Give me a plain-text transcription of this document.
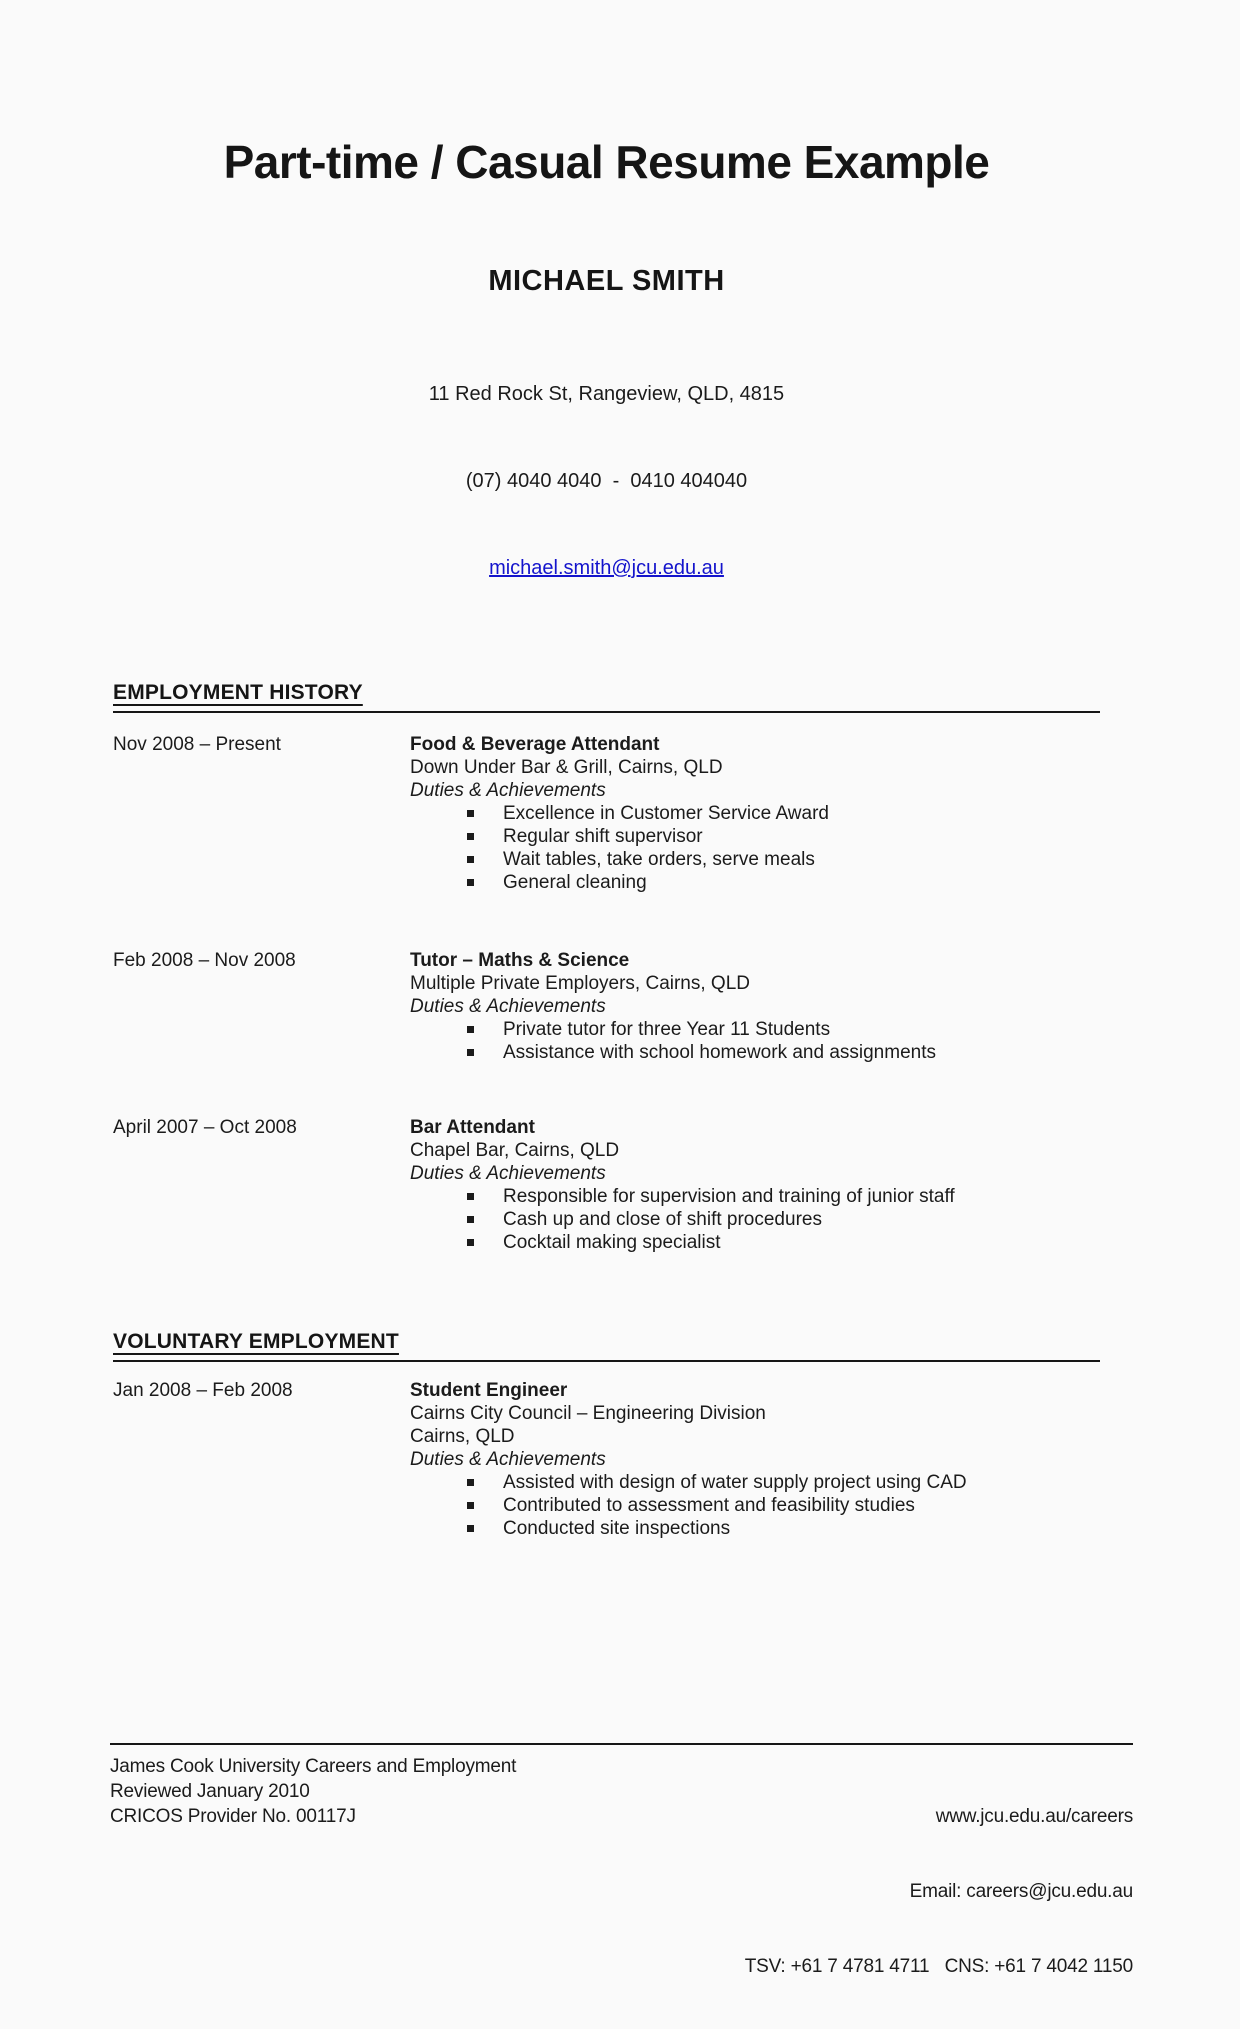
Part-time / Casual Resume Example
MICHAEL SMITH

11 Red Rock St, Rangeview, QLD, 4815

(07) 4040 4040  -  0410 404040

michael.smith@jcu.edu.au

EMPLOYMENT HISTORY
Nov 2008 – Present	Food & Beverage Attendant
Down Under Bar & Grill, Cairns, QLD
Duties & Achievements
Excellence in Customer Service Award
Regular shift supervisor
Wait tables, take orders, serve meals
General cleaning
Feb 2008 – Nov 2008	Tutor – Maths & Science
Multiple Private Employers, Cairns, QLD
Duties & Achievements
Private tutor for three Year 11 Students
Assistance with school homework and assignments
April 2007 – Oct 2008	Bar Attendant
Chapel Bar, Cairns, QLD
Duties & Achievements
Responsible for supervision and training of junior staff
Cash up and close of shift procedures
Cocktail making specialist
VOLUNTARY EMPLOYMENT
Jan 2008 – Feb 2008	Student Engineer
Cairns City Council – Engineering Division
Cairns, QLD
Duties & Achievements
Assisted with design of water supply project using CAD
Contributed to assessment and feasibility studies
Conducted site inspections
James Cook University Careers and Employment
Reviewed January 2010
CRICOS Provider No. 00117J

	www.jcu.edu.au/careers

Email: careers@jcu.edu.au

TSV: +61 7 4781 4711   CNS: +61 7 4042 1150
